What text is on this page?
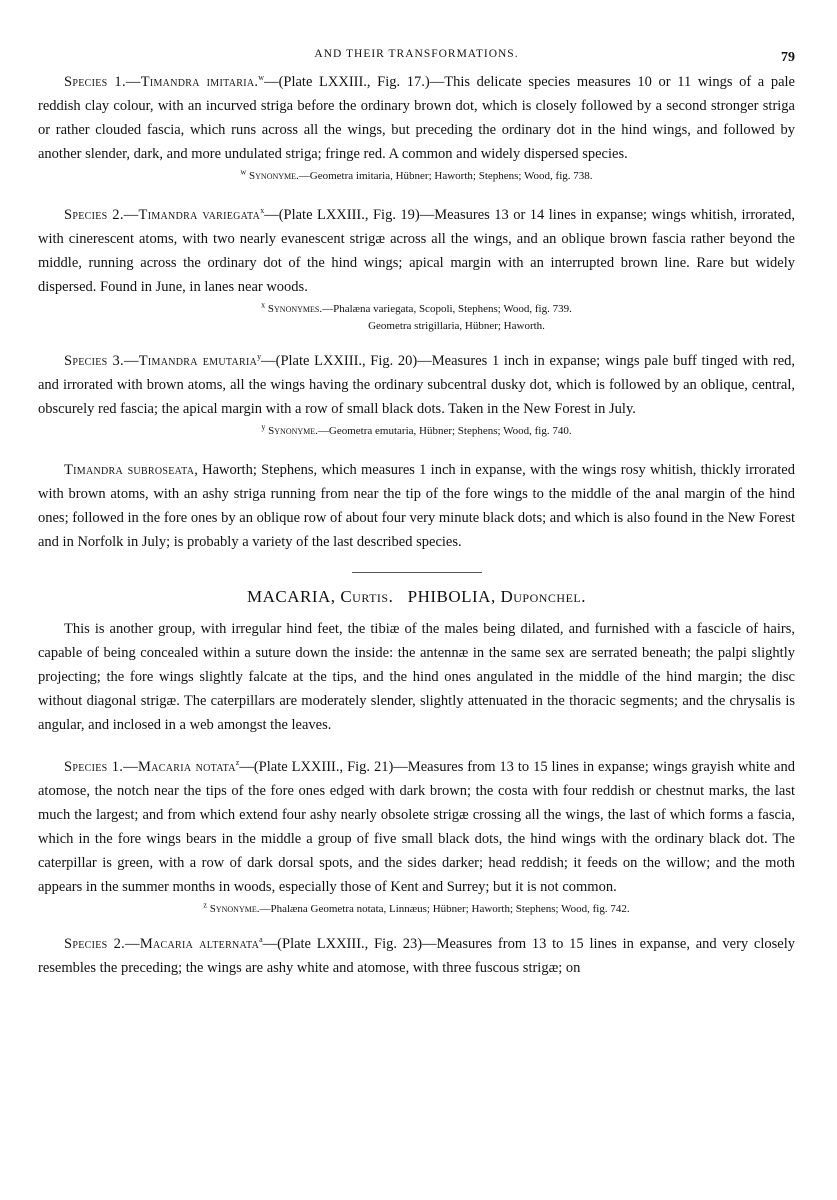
AND THEIR TRANSFORMATIONS.	79

Species 1.—Timandra imitaria.$^w$—(Plate LXXIII., Fig. 17.)—This delicate species measures 10 or 11 wings of a pale reddish clay colour, with an incurved striga before the ordinary brown dot, which is closely followed by a second stronger striga or rather clouded fascia, which runs across all the wings, but preceding the ordinary dot in the hind wings, and followed by another slender, dark, and more undulated striga; fringe red. A common and widely dispersed species.

$^w$ Synonyme.—Geometra imitaria, Hübner; Haworth; Stephens; Wood, fig. 738.

Species 2.—Timandra variegata$^x$—(Plate LXXIII., Fig. 19)—Measures 13 or 14 lines in expanse; wings whitish, irrorated, with cinerescent atoms, with two nearly evanescent strigæ across all the wings, and an oblique brown fascia rather beyond the middle, running across the ordinary dot of the hind wings; apical margin with an interrupted brown line. Rare but widely dispersed. Found in June, in lanes near woods.

$^x$ Synonymes.—Phalæna variegata, Scopoli, Stephens; Wood, fig. 739.
Geometra strigillaria, Hübner; Haworth.

Species 3.—Timandra emutaria$^y$—(Plate LXXIII., Fig. 20)—Measures 1 inch in expanse; wings pale buff tinged with red, and irrorated with brown atoms, all the wings having the ordinary subcentral dusky dot, which is followed by an oblique, central, obscurely red fascia; the apical margin with a row of small black dots. Taken in the New Forest in July.

$^y$ Synonyme.—Geometra emutaria, Hübner; Stephens; Wood, fig. 740.

Timandra subroseata, Haworth; Stephens, which measures 1 inch in expanse, with the wings rosy whitish, thickly irrorated with brown atoms, with an ashy striga running from near the tip of the fore wings to the middle of the anal margin of the hind ones; followed in the fore ones by an oblique row of about four very minute black dots; and which is also found in the New Forest and in Norfolk in July; is probably a variety of the last described species.

MACARIA, Curtis. PHIBOLIA, Duponchel.

This is another group, with irregular hind feet, the tibiæ of the males being dilated, and furnished with a fascicle of hairs, capable of being concealed within a suture down the inside: the antennæ in the same sex are serrated beneath; the palpi slightly projecting; the fore wings slightly falcate at the tips, and the hind ones angulated in the middle of the hind margin; the disc without diagonal strigæ. The caterpillars are moderately slender, slightly attenuated in the thoracic segments; and the chrysalis is angular, and inclosed in a web amongst the leaves.

Species 1.—Macaria notata$^z$—(Plate LXXIII., Fig. 21)—Measures from 13 to 15 lines in expanse; wings grayish white and atomose, the notch near the tips of the fore ones edged with dark brown; the costa with four reddish or chestnut marks, the last much the largest; and from which extend four ashy nearly obsolete strigæ crossing all the wings, the last of which forms a fascia, which in the fore wings bears in the middle a group of five small black dots, the hind wings with the ordinary black dot. The caterpillar is green, with a row of dark dorsal spots, and the sides darker; head reddish; it feeds on the willow; and the moth appears in the summer months in woods, especially those of Kent and Surrey; but it is not common.

$^z$ Synonyme.—Phalæna Geometra notata, Linnæus; Hübner; Haworth; Stephens; Wood, fig. 742.

Species 2.—Macaria alternata$^a$—(Plate LXXIII., Fig. 23)—Measures from 13 to 15 lines in expanse, and very closely resembles the preceding; the wings are ashy white and atomose, with three fuscous strigæ; on
